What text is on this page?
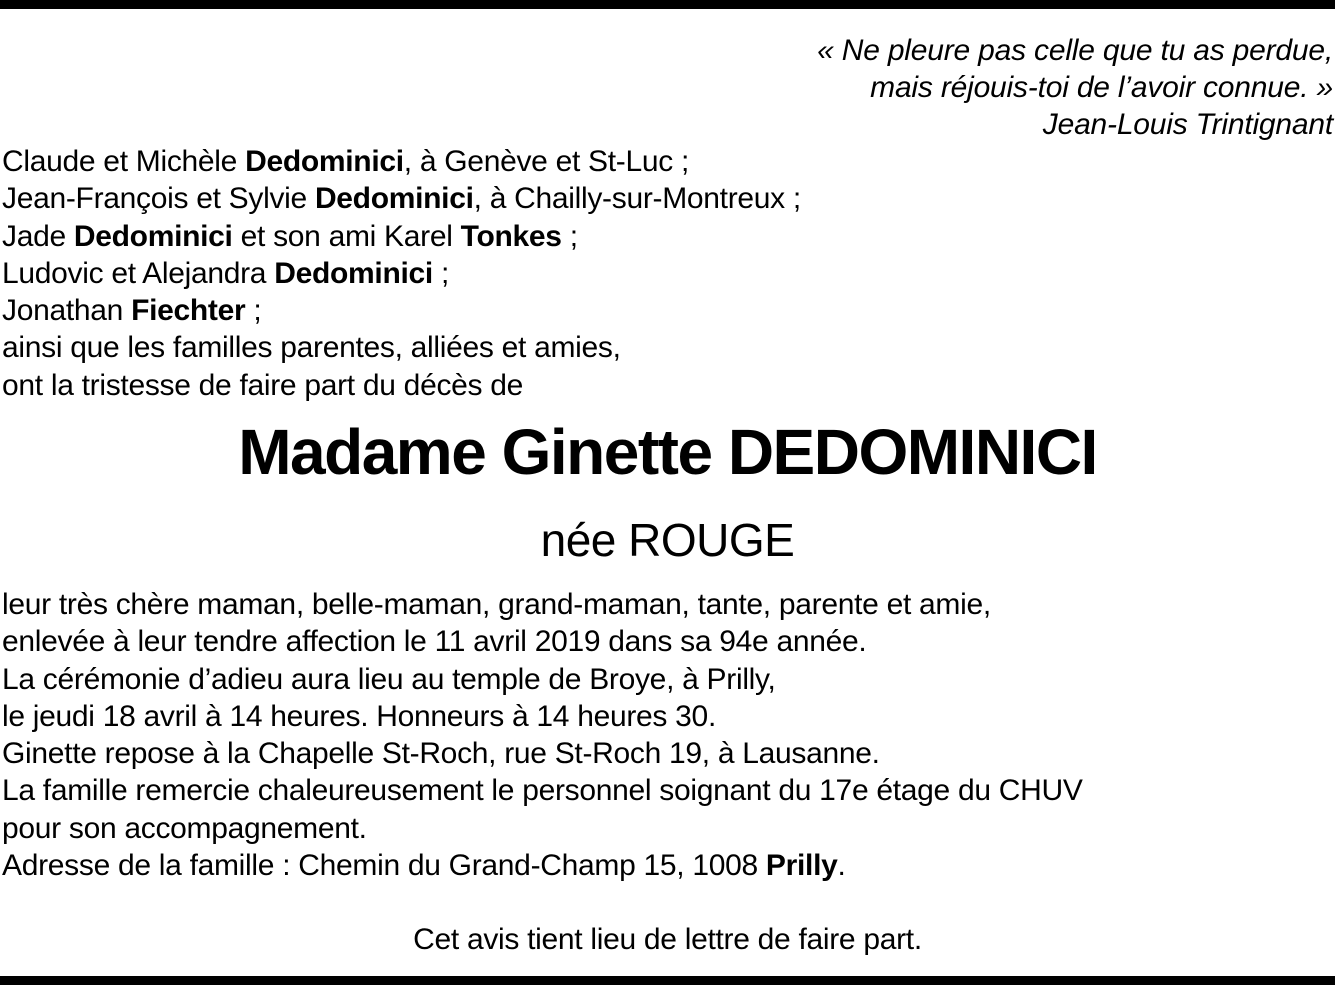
« Ne pleure pas celle que tu as perdue,
mais réjouis-toi de l’avoir connue. »
Jean-Louis Trintignant
Claude et Michèle Dedominici, à Genève et St-Luc ;
Jean-François et Sylvie Dedominici, à Chailly-sur-Montreux ;
Jade Dedominici et son ami Karel Tonkes ;
Ludovic et Alejandra Dedominici ;
Jonathan Fiechter ;
ainsi que les familles parentes, alliées et amies,
ont la tristesse de faire part du décès de
Madame Ginette DEDOMINICI
née ROUGE
leur très chère maman, belle-maman, grand-maman, tante, parente et amie,
enlevée à leur tendre affection le 11 avril 2019 dans sa 94e année.
La cérémonie d’adieu aura lieu au temple de Broye, à Prilly,
le jeudi 18 avril à 14 heures. Honneurs à 14 heures 30.
Ginette repose à la Chapelle St-Roch, rue St-Roch 19, à Lausanne.
La famille remercie chaleureusement le personnel soignant du 17e étage du CHUV
pour son accompagnement.
Adresse de la famille : Chemin du Grand-Champ 15, 1008 Prilly.
Cet avis tient lieu de lettre de faire part.
